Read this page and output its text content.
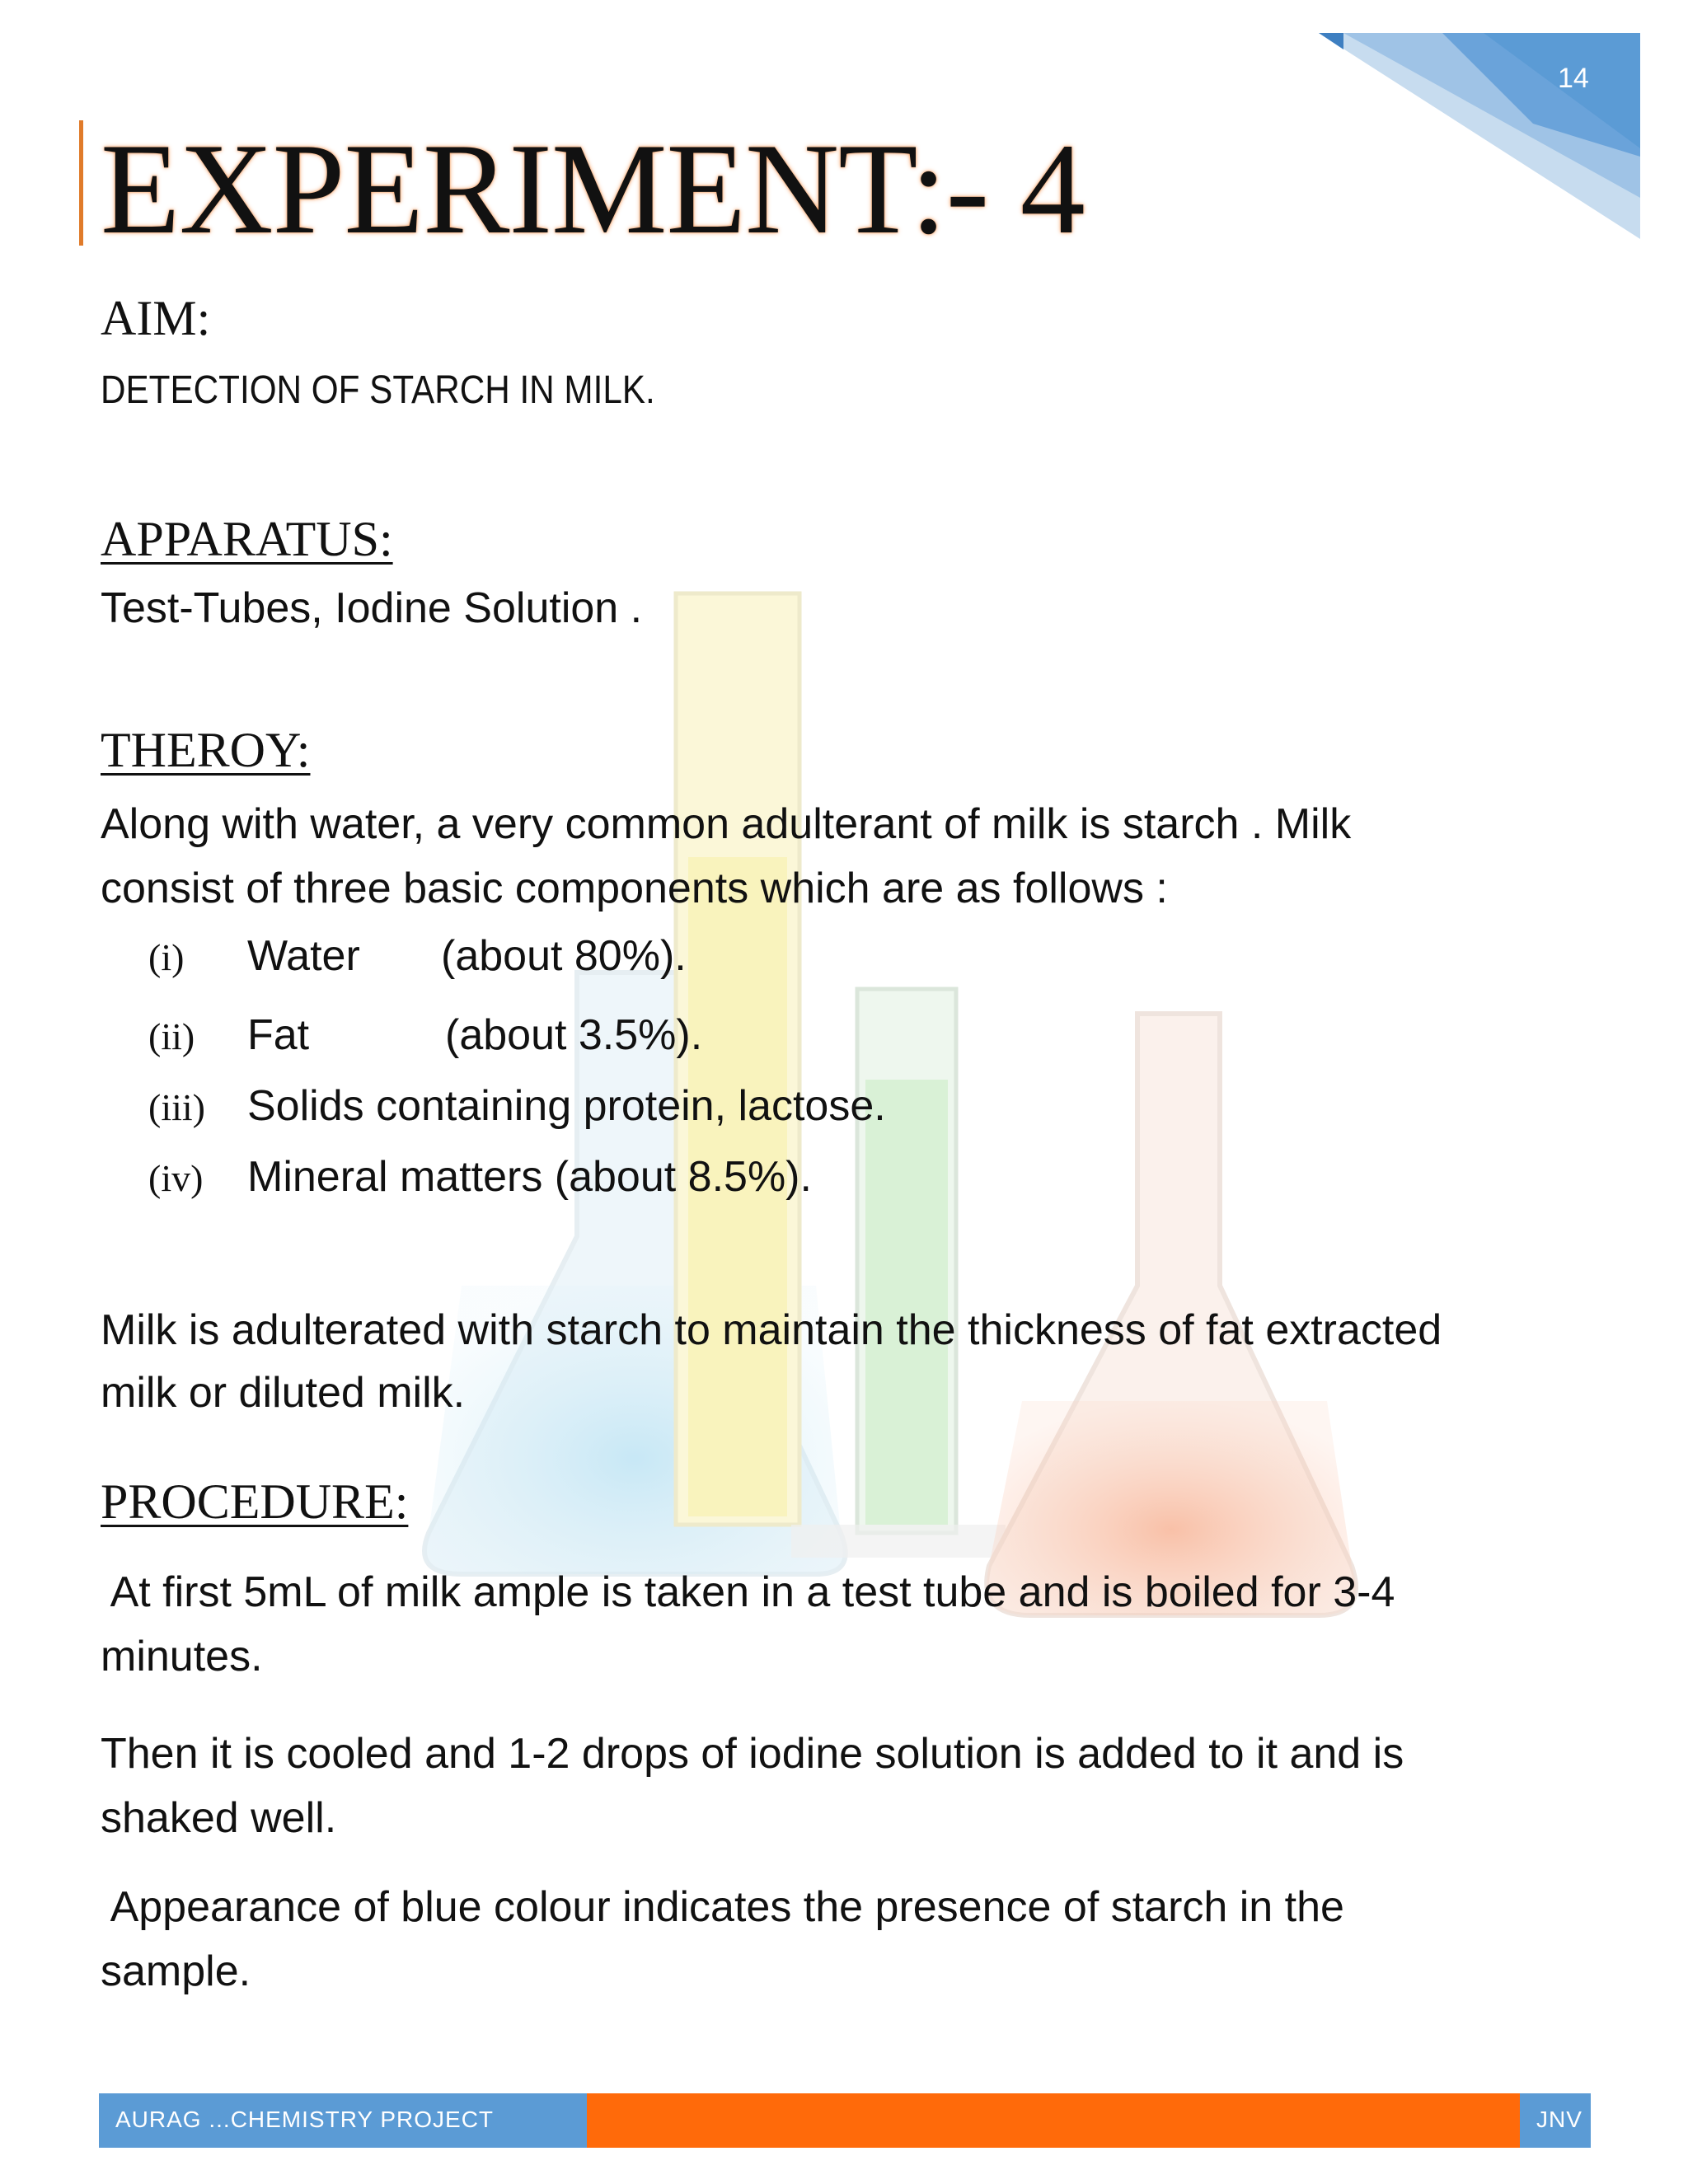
14
EXPERIMENT:- 4
AIM:
DETECTION OF STARCH IN MILK.
APPARATUS:
Test-Tubes, Iodine Solution .
THEROY:
Along with water, a very common adulterant of milk is starch . Milk
consist of three basic components which are as follows :
(i) Water (about 80%).
(ii) Fat	(about 3.5%).
(iii) Solids containing protein, lactose.
(iv) Mineral matters (about 8.5%).
Milk is adulterated with starch to maintain the thickness of fat extracted
milk or diluted milk.
PROCEDURE:
At first 5mL of milk ample is taken in a test tube and is boiled for 3-4
minutes.
Then it is cooled and 1-2 drops of iodine solution is added to it and is
shaked well.
Appearance of blue colour indicates the presence of starch in the
sample.
AURAG ...CHEMISTRY PROJECT	JNV
